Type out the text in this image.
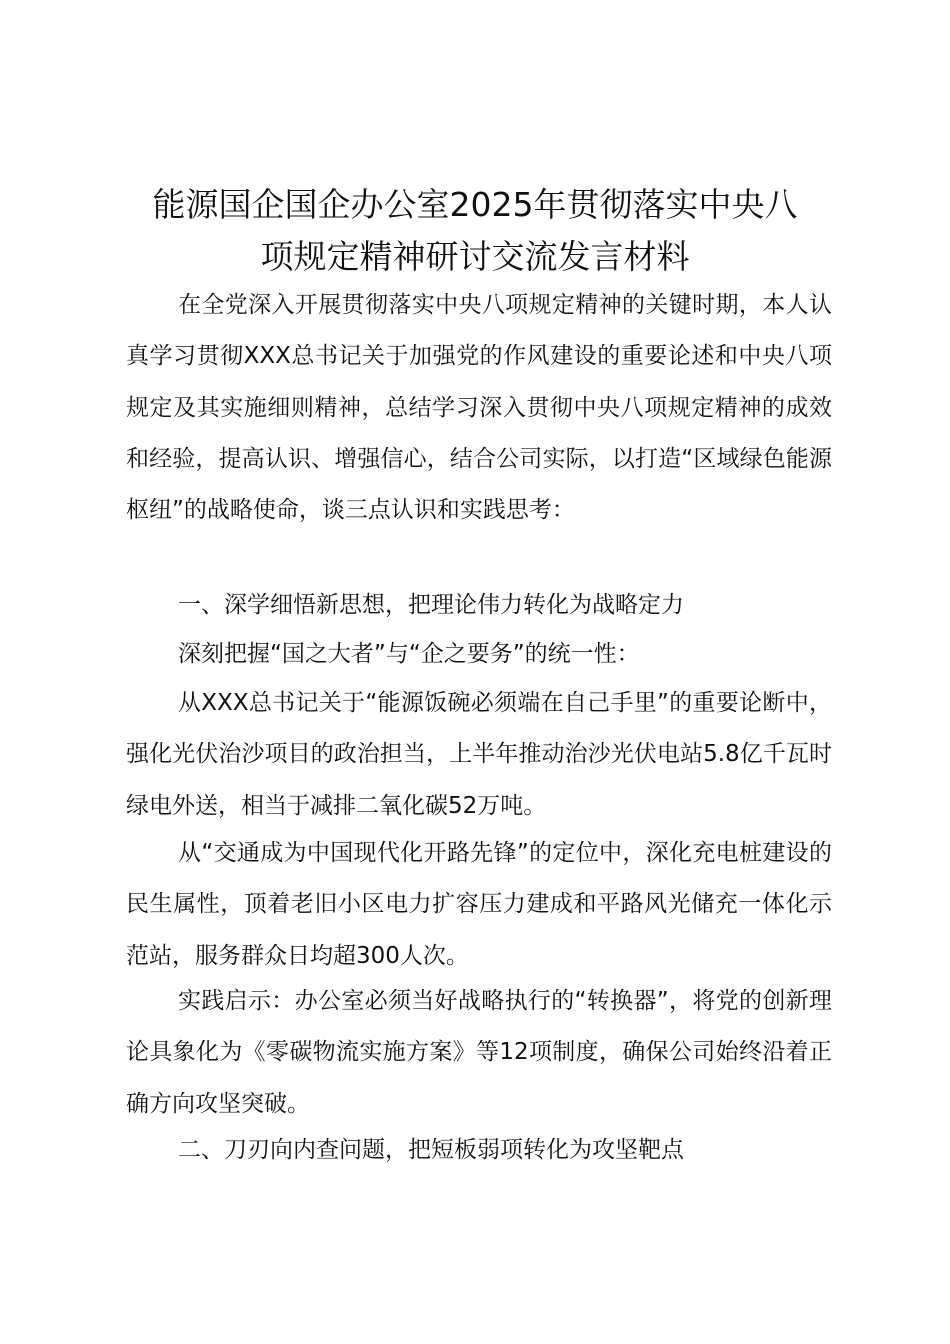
能源国企国企办公室2025年贯彻落实中央八
项规定精神研讨交流发言材料
在全党深入开展贯彻落实中央八项规定精神的关键时期，本人认真学习贯彻XXX总书记关于加强党的作风建设的重要论述和中央八项规定及其实施细则精神，总结学习深入贯彻中央八项规定精神的成效和经验，提高认识、增强信心，结合公司实际，以打造“区域绿色能源枢纽”的战略使命，谈三点认识和实践思考：
一、深学细悟新思想，把理论伟力转化为战略定力
深刻把握“国之大者”与“企之要务”的统一性：
从XXX总书记关于“能源饭碗必须端在自己手里”的重要论断中，强化光伏治沙项目的政治担当，上半年推动治沙光伏电站5.8亿千瓦时绿电外送，相当于减排二氧化碳52万吨。
从“交通成为中国现代化开路先锋”的定位中，深化充电桩建设的民生属性，顶着老旧小区电力扩容压力建成和平路风光储充一体化示范站，服务群众日均超300人次。
实践启示：办公室必须当好战略执行的“转换器”，将党的创新理论具象化为《零碳物流实施方案》等12项制度，确保公司始终沿着正确方向攻坚突破。
二、刀刃向内查问题，把短板弱项转化为攻坚靶点
